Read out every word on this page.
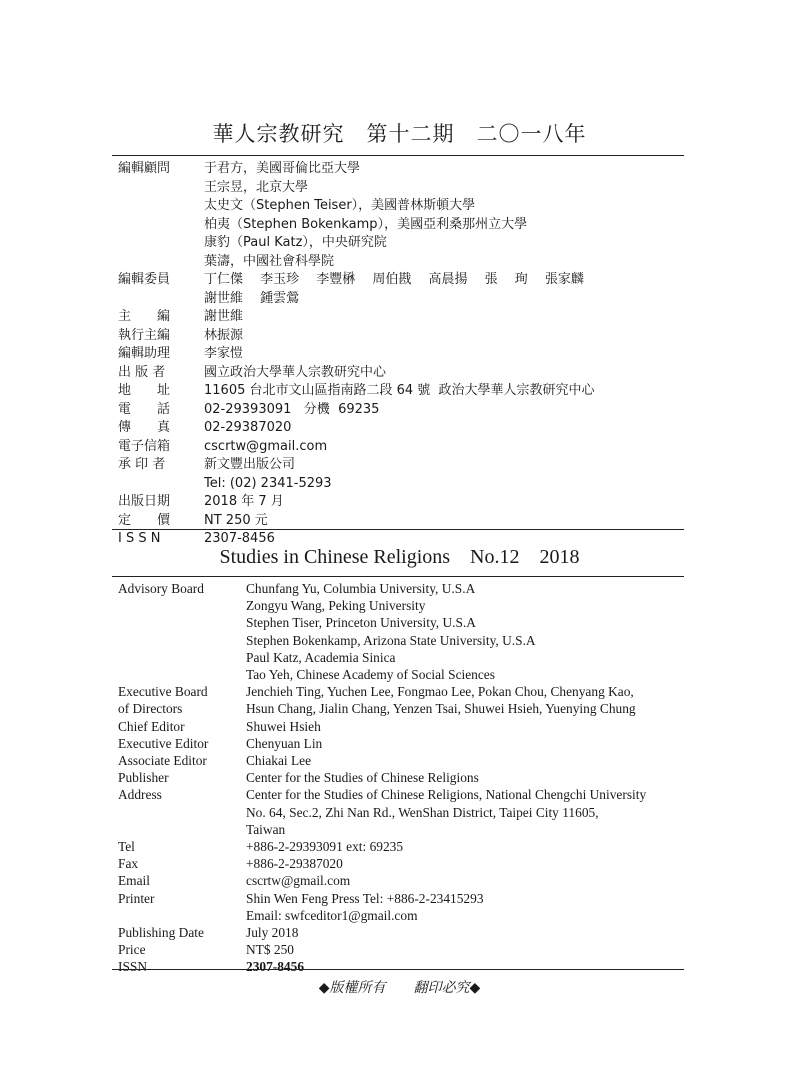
華人宗教研究　第十二期　二〇一八年
編輯顧問	于君方，美國哥倫比亞大學
王宗昱，北京大學
太史文（Stephen Teiser），美國普林斯頓大學
柏夷（Stephen Bokenkamp），美國亞利桑那州立大學
康豹（Paul Katz），中央研究院
葉濤，中國社會科學院
編輯委員	丁仁傑　 李玉珍　 李豐楙　 周伯戡　 高晨揚　 張　 珣　 張家麟
謝世維　 鍾雲鶯
主　　編	謝世維
執行主編	林振源
編輯助理	李家愷
出 版 者	國立政治大學華人宗教研究中心
地　　址	11605 台北市文山區指南路二段 64 號  政治大學華人宗教研究中心
電　　話	02-29393091   分機  69235
傳　　真	02-29387020
電子信箱	cscrtw@gmail.com
承 印 者	新文豐出版公司
Tel: (02) 2341-5293
出版日期	2018 年 7 月
定　　價	NT 250 元
I S S N	2307-8456
Studies in Chinese Religions    No.12    2018
Advisory Board	Chunfang Yu, Columbia University, U.S.A
Zongyu Wang, Peking University
Stephen Tiser, Princeton University, U.S.A
Stephen Bokenkamp, Arizona State University, U.S.A
Paul Katz, Academia Sinica
Tao Yeh, Chinese Academy of Social Sciences
Executive Board	Jenchieh Ting, Yuchen Lee, Fongmao Lee, Pokan Chou, Chenyang Kao,
of Directors	Hsun Chang, Jialin Chang, Yenzen Tsai, Shuwei Hsieh, Yuenying Chung
Chief Editor	Shuwei Hsieh
Executive Editor	Chenyuan Lin
Associate Editor	Chiakai Lee
Publisher	Center for the Studies of Chinese Religions
Address	Center for the Studies of Chinese Religions, National Chengchi University
No. 64, Sec.2, Zhi Nan Rd., WenShan District, Taipei City 11605,
Taiwan
Tel	+886-2-29393091 ext: 69235
Fax	+886-2-29387020
Email	cscrtw@gmail.com
Printer	Shin Wen Feng Press Tel: +886-2-23415293
Email: swfceditor1@gmail.com
Publishing Date	July 2018
Price	NT$ 250
ISSN	2307-8456
◆版權所有　　翻印必究◆
